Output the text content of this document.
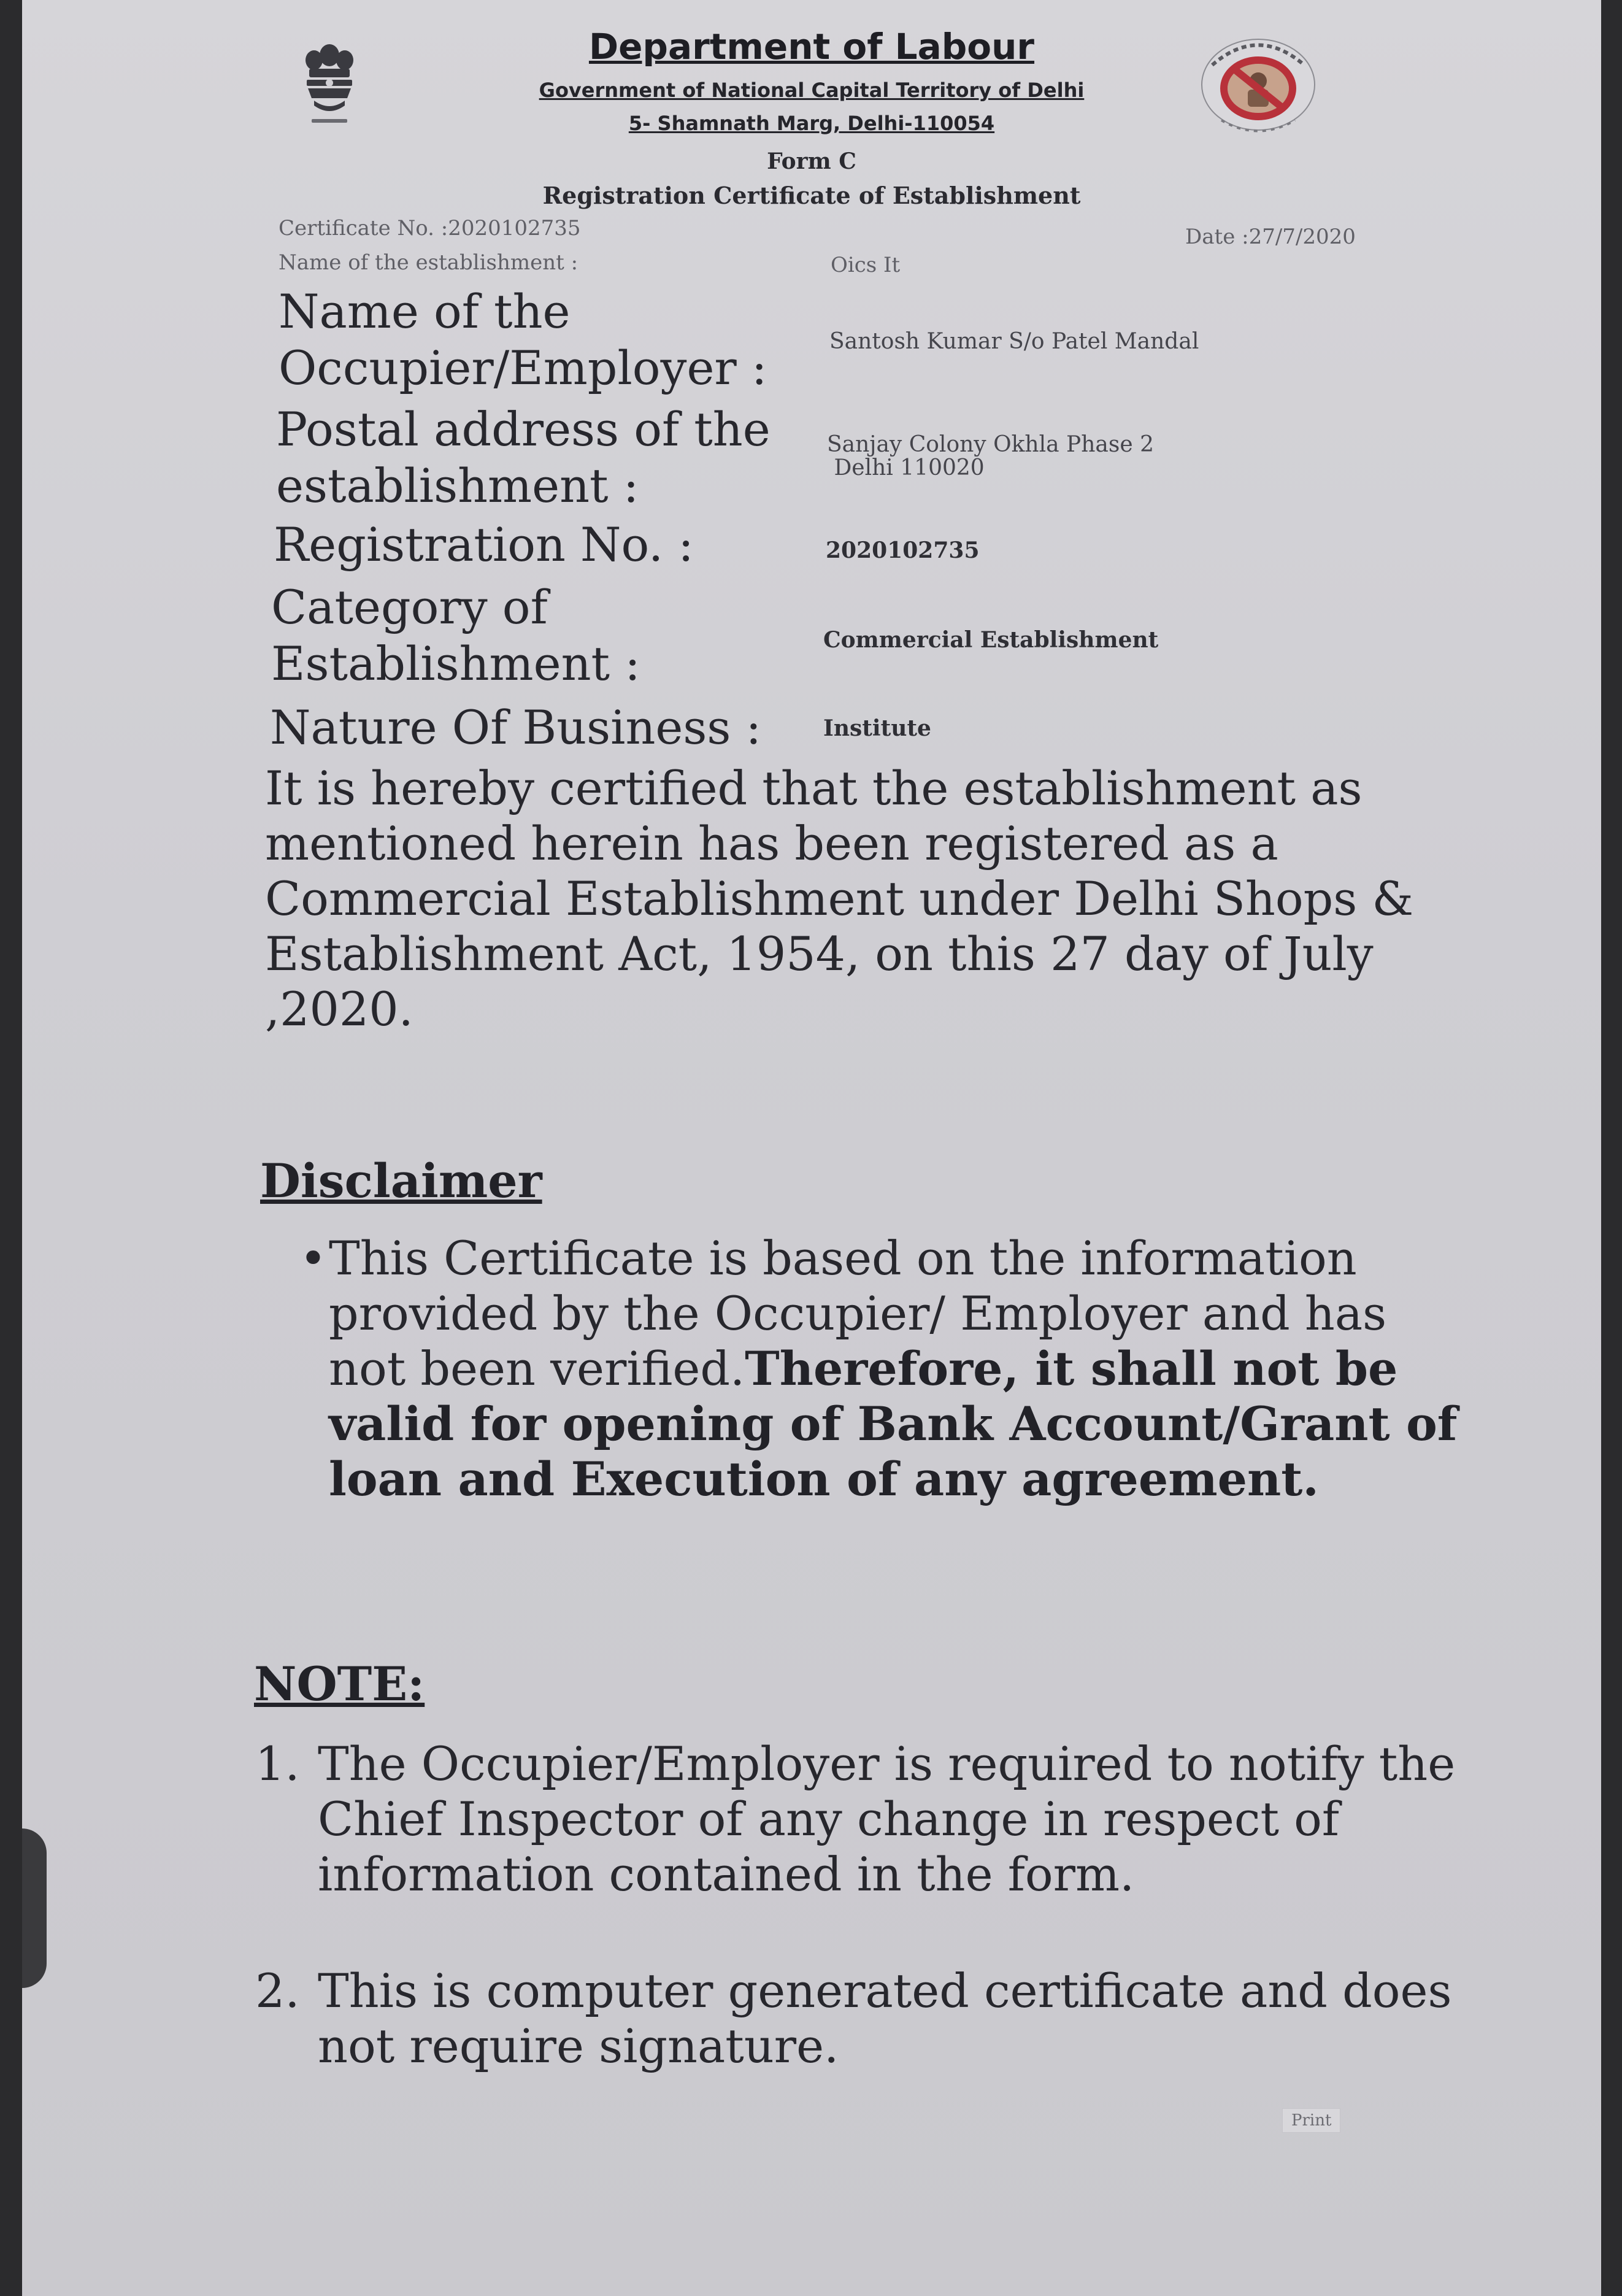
Department of Labour
Government of National Capital Territory of Delhi
5- Shamnath Marg, Delhi-110054
Form C
Registration Certificate of Establishment
Certificate No. :2020102735	Date :27/7/2020
Name of the establishment :	Oics It
Name of the Occupier/Employer :	Santosh Kumar S/o Patel Mandal
Postal address of the establishment :
Sanjay Colony Okhla Phase 2
Delhi 110020
Registration No. :	2020102735
Category of Establishment :	Commercial Establishment
Nature Of Business :	Institute
It is hereby certified that the establishment as mentioned herein has been registered as a Commercial Establishment under Delhi Shops & Establishment Act, 1954, on this 27 day of July ,2020.
Disclaimer
• This Certificate is based on the information provided by the Occupier/ Employer and has not been verified.Therefore, it shall not be valid for opening of Bank Account/Grant of loan and Execution of any agreement.
NOTE:
1. The Occupier/Employer is required to notify the Chief Inspector of any change in respect of information contained in the form.
2. This is computer generated certificate and does not require signature.
Print
